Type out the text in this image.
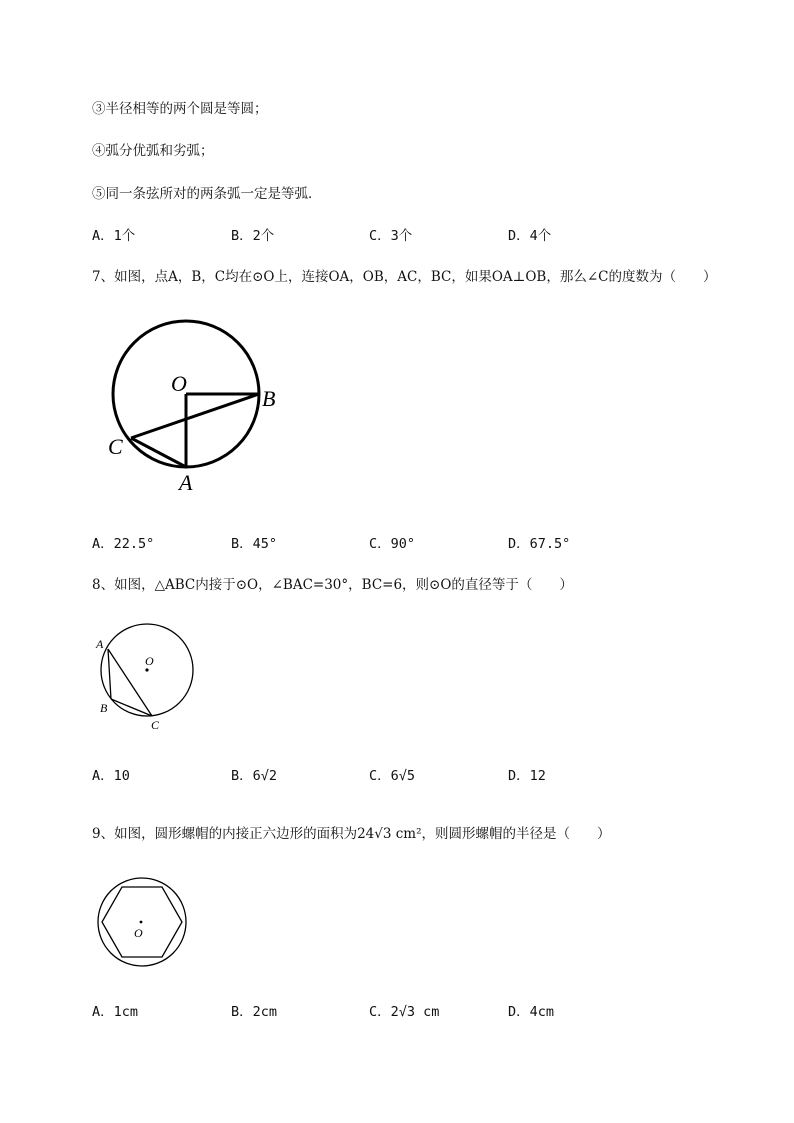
③半径相等的两个圆是等圆；
④弧分优弧和劣弧；
⑤同一条弦所对的两条弧一定是等弧．
A．1个	B．2个	C．3个	D．4个
7、如图，点A，B，C均在⊙O上，连接OA，OB，AC，BC，如果OA⊥OB，那么∠C的度数为（　　）
O
B
C
A
A．22.5°	B．45°	C．90°	D．67.5°
8、如图，△ABC内接于⊙O，∠BAC=30°，BC=6，则⊙O的直径等于（　　）
A
O
B
C
A．10	B．6√2	C．6√5	D．12
9、如图，圆形螺帽的内接正六边形的面积为24√3 cm²，则圆形螺帽的半径是（　　）
O
A．1cm	B．2cm	C．2√3 cm	D．4cm
